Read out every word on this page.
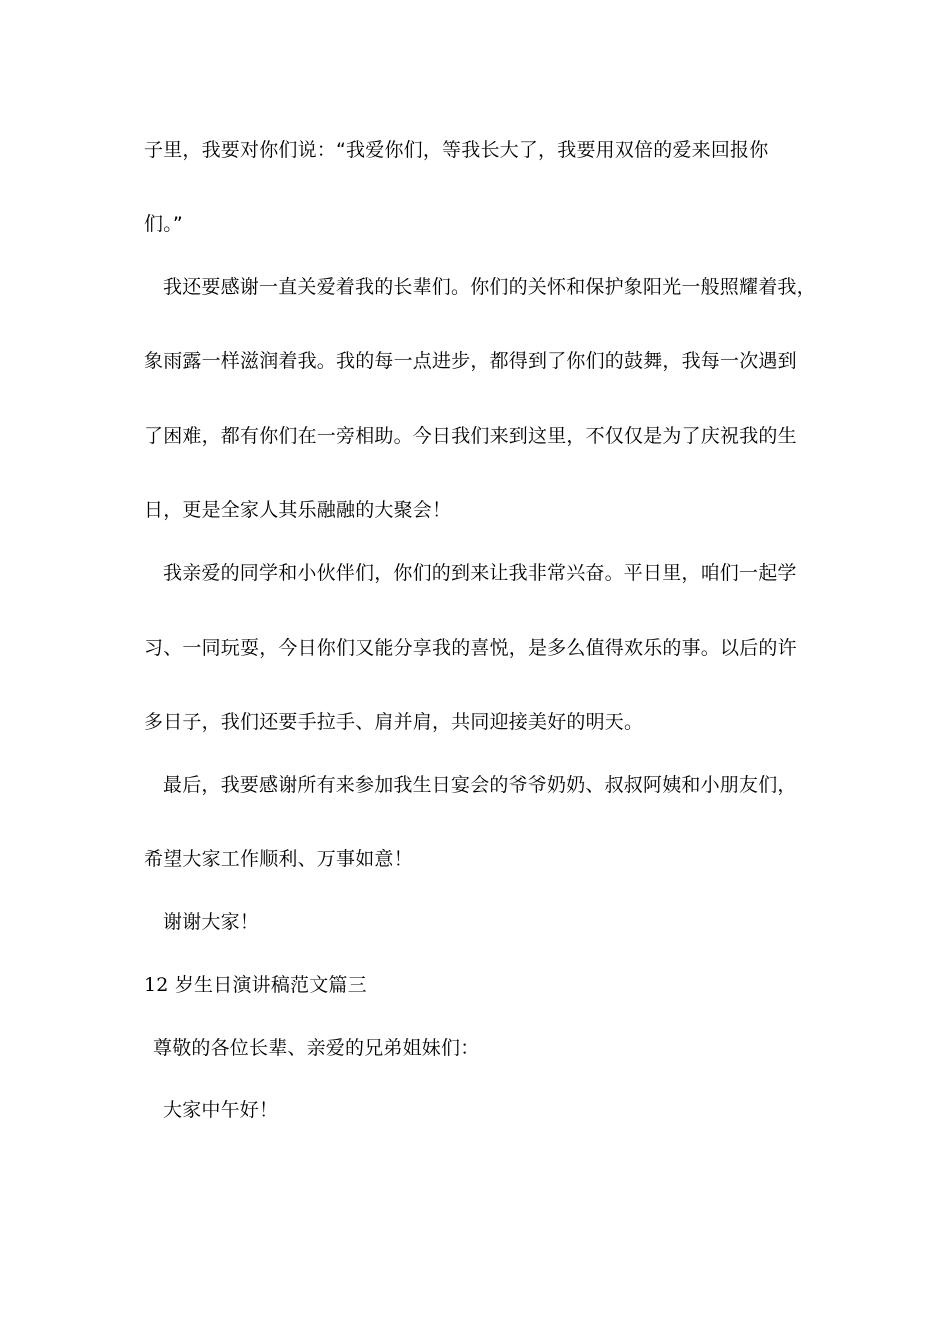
子里，我要对你们说：“我爱你们，等我长大了，我要用双倍的爱来回报你
们。”
我还要感谢一直关爱着我的长辈们。你们的关怀和保护象阳光一般照耀着我，
象雨露一样滋润着我。我的每一点进步，都得到了你们的鼓舞，我每一次遇到
了困难，都有你们在一旁相助。今日我们来到这里，不仅仅是为了庆祝我的生
日，更是全家人其乐融融的大聚会！
我亲爱的同学和小伙伴们，你们的到来让我非常兴奋。平日里，咱们一起学
习、一同玩耍，今日你们又能分享我的喜悦，是多么值得欢乐的事。以后的许
多日子，我们还要手拉手、肩并肩，共同迎接美好的明天。
最后，我要感谢所有来参加我生日宴会的爷爷奶奶、叔叔阿姨和小朋友们，
希望大家工作顺利、万事如意！
谢谢大家！
12 岁生日演讲稿范文篇三
尊敬的各位长辈、亲爱的兄弟姐妹们：
大家中午好！
